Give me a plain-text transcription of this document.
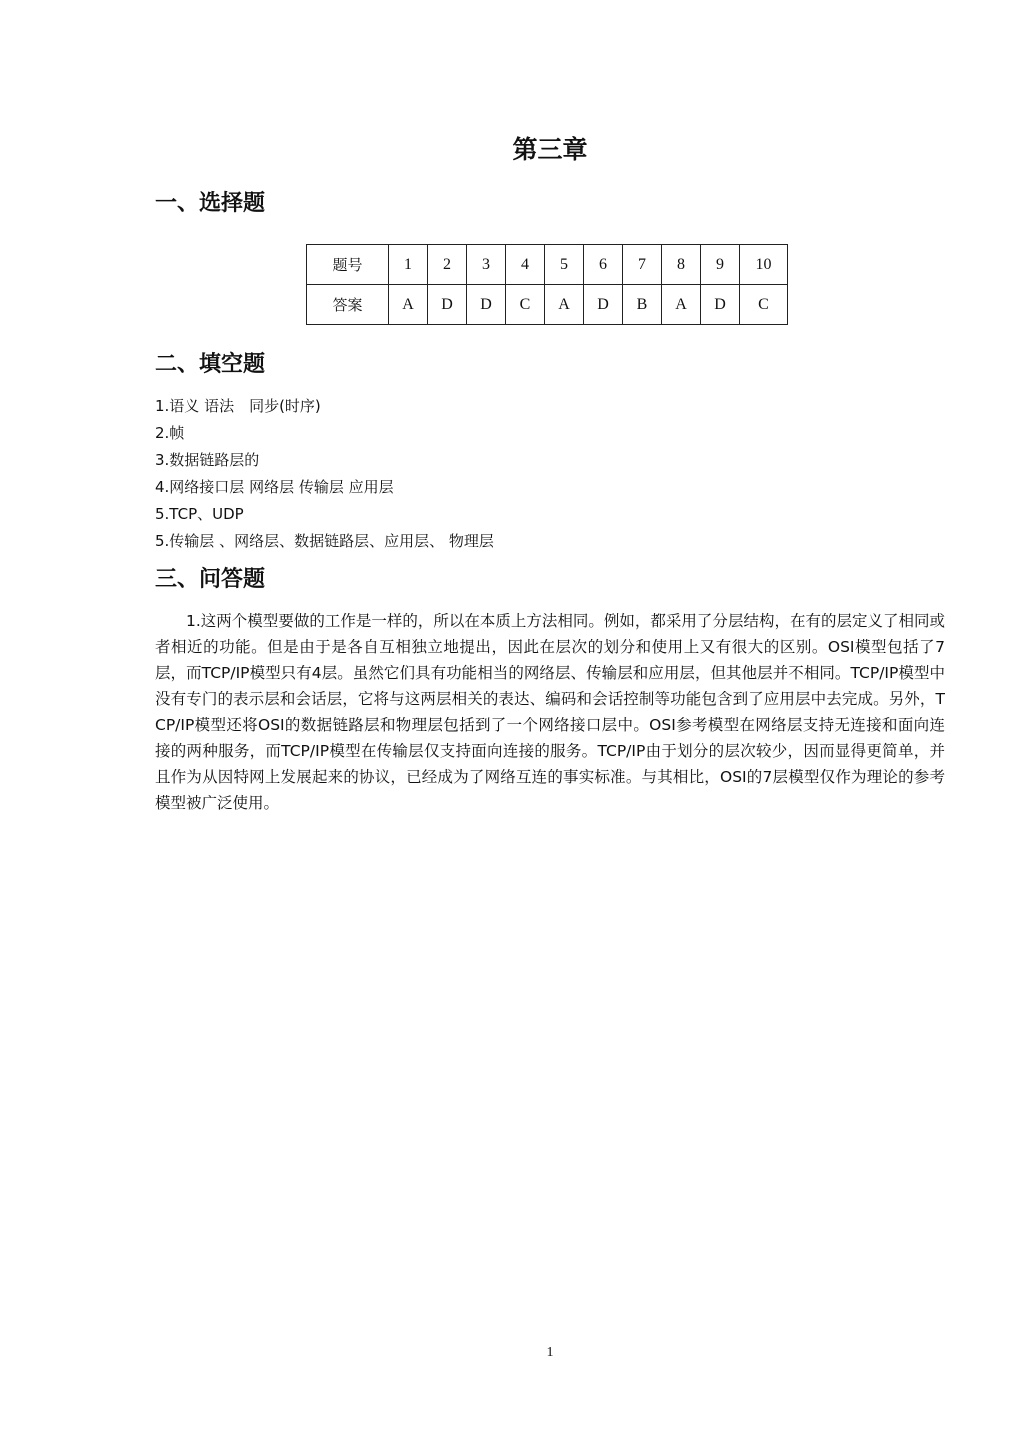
第三章
一、选择题
题号	1	2	3	4	5	6	7	8	9	10
答案	A	D	D	C	A	D	B	A	D	C
二、填空题
1.语义 语法　同步(时序)
2.帧
3.数据链路层的
4.网络接口层 网络层 传输层 应用层
5.TCP、UDP
5.传输层 、网络层、数据链路层、应用层、 物理层
三、问答题

1.这两个模型要做的工作是一样的，所以在本质上方法相同。例如，都采用了分层结构，在有的层定义了相同或者相近的功能。但是由于是各自互相独立地提出，因此在层次的划分和使用上又有很大的区别。OSI模型包括了7层，而TCP/IP模型只有4层。虽然它们具有功能相当的网络层、传输层和应用层，但其他层并不相同。TCP/IP模型中没有专门的表示层和会话层，它将与这两层相关的表达、编码和会话控制等功能包含到了应用层中去完成。另外，TCP/IP模型还将OSI的数据链路层和物理层包括到了一个网络接口层中。OSI参考模型在网络层支持无连接和面向连接的两种服务，而TCP/IP模型在传输层仅支持面向连接的服务。TCP/IP由于划分的层次较少，因而显得更简单，并且作为从因特网上发展起来的协议，已经成为了网络互连的事实标准。与其相比，OSI的7层模型仅作为理论的参考模型被广泛使用。

1
